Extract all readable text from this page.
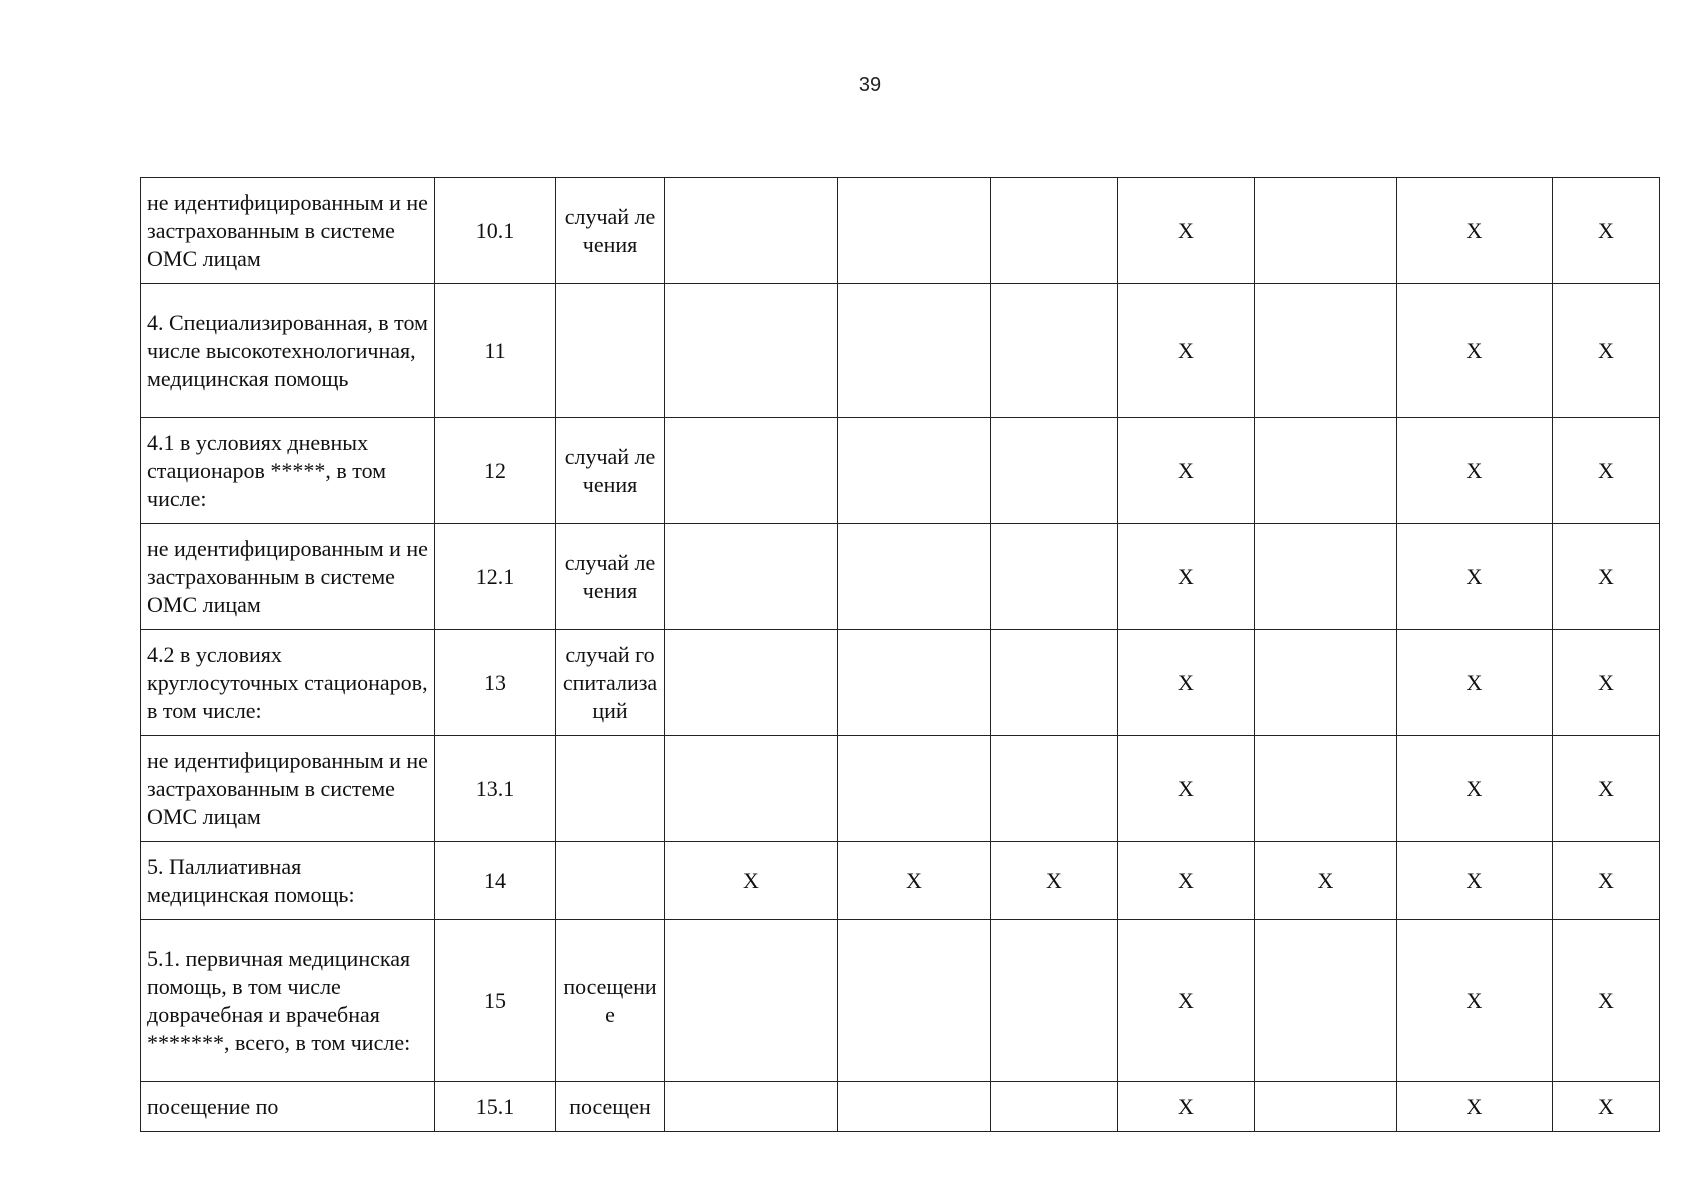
39
не идентифицированным и не застрахованным в системе ОМС лицам	10.1	случай лечения				X		X	X
4. Специализированная, в том числе высокотехнологичная, медицинская помощь	11					X		X	X
4.1 в условиях дневных стационаров *****, в том числе:	12	случай лечения				X		X	X
не идентифицированным и не застрахованным в системе ОМС лицам	12.1	случай лечения				X		X	X
4.2 в условиях круглосуточных стационаров, в том числе:	13	случай госпитализаций				X		X	X
не идентифицированным и не застрахованным в системе ОМС лицам	13.1					X		X	X
5. Паллиативная медицинская помощь:	14		X	X	X	X	X	X	X
5.1. первичная медицинская помощь, в том числе доврачебная и врачебная *******, всего, в том числе:	15	посещение				X		X	X
посещение по	15.1	посещен				X		X	X
